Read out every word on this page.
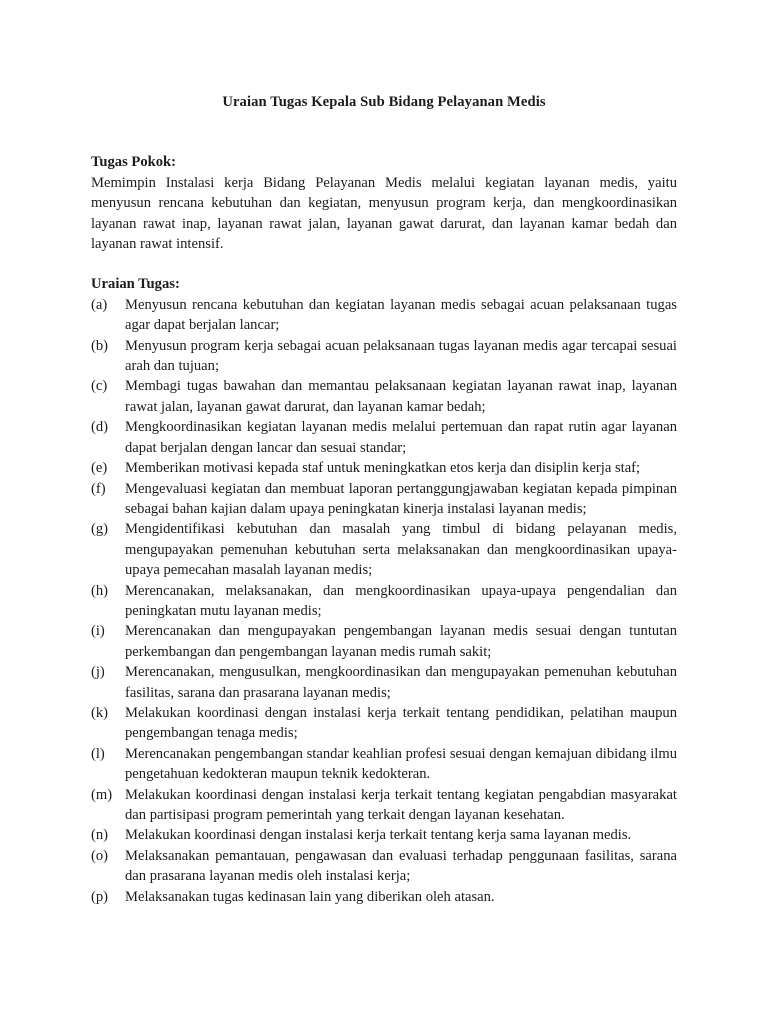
Uraian Tugas Kepala Sub Bidang Pelayanan Medis
Tugas Pokok:

Memimpin Instalasi kerja Bidang Pelayanan Medis melalui kegiatan layanan medis, yaitu menyusun rencana kebutuhan dan kegiatan, menyusun program kerja, dan mengkoordinasikan layanan rawat inap, layanan rawat jalan, layanan gawat darurat, dan layanan kamar bedah dan layanan rawat intensif.

Uraian Tugas:
(a) Menyusun rencana kebutuhan dan kegiatan layanan medis sebagai acuan pelaksanaan tugas agar dapat berjalan lancar;
(b) Menyusun program kerja sebagai acuan pelaksanaan tugas layanan medis agar tercapai sesuai arah dan tujuan;
(c) Membagi tugas bawahan dan memantau pelaksanaan kegiatan layanan rawat inap, layanan rawat jalan, layanan gawat darurat, dan layanan kamar bedah;
(d) Mengkoordinasikan kegiatan layanan medis melalui pertemuan dan rapat rutin agar layanan dapat berjalan dengan lancar dan sesuai standar;
(e) Memberikan motivasi kepada staf untuk meningkatkan etos kerja dan disiplin kerja staf;
(f) Mengevaluasi kegiatan dan membuat laporan pertanggungjawaban kegiatan kepada pimpinan sebagai bahan kajian dalam upaya peningkatan kinerja instalasi layanan medis;
(g) Mengidentifikasi kebutuhan dan masalah yang timbul di bidang pelayanan medis, mengupayakan pemenuhan kebutuhan serta melaksanakan dan mengkoordinasikan upaya-upaya pemecahan masalah layanan medis;
(h) Merencanakan, melaksanakan, dan mengkoordinasikan upaya-upaya pengendalian dan peningkatan mutu layanan medis;
(i) Merencanakan dan mengupayakan pengembangan layanan medis sesuai dengan tuntutan perkembangan dan pengembangan layanan medis rumah sakit;
(j) Merencanakan, mengusulkan, mengkoordinasikan dan mengupayakan pemenuhan kebutuhan fasilitas, sarana dan prasarana layanan medis;
(k) Melakukan koordinasi dengan instalasi kerja terkait tentang pendidikan, pelatihan maupun pengembangan tenaga medis;
(l) Merencanakan pengembangan standar keahlian profesi sesuai dengan kemajuan dibidang ilmu pengetahuan kedokteran maupun teknik kedokteran.
(m) Melakukan koordinasi dengan instalasi kerja terkait tentang kegiatan pengabdian masyarakat dan partisipasi program pemerintah yang terkait dengan layanan kesehatan.
(n) Melakukan koordinasi dengan instalasi kerja terkait tentang kerja sama layanan medis.
(o) Melaksanakan pemantauan, pengawasan dan evaluasi terhadap penggunaan fasilitas, sarana dan prasarana layanan medis oleh instalasi kerja;
(p) Melaksanakan tugas kedinasan lain yang diberikan oleh atasan.
